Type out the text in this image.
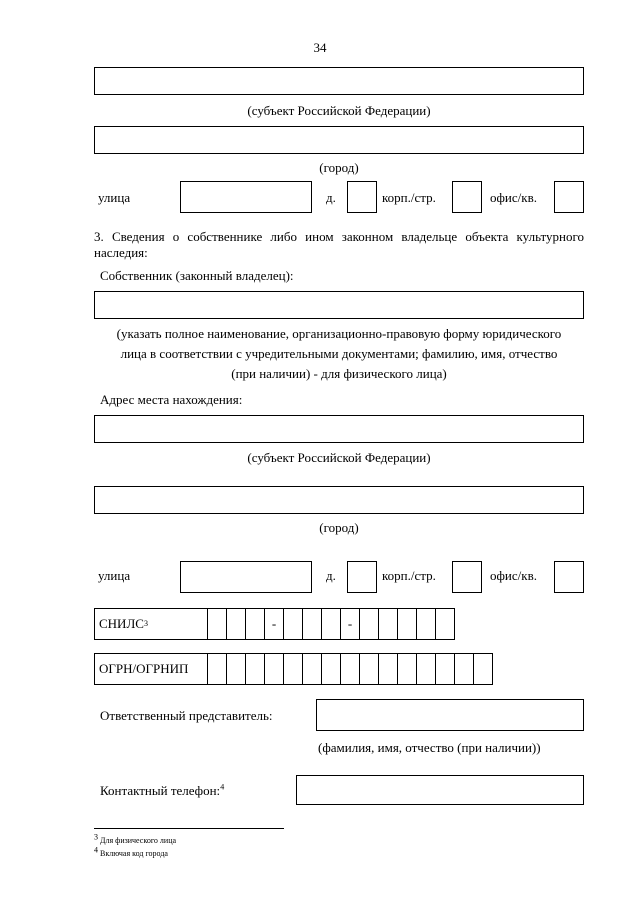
34
(субъект Российской Федерации)
(город)
улица	д.	корп./стр.	офис/кв.
3. Сведения о собственнике либо ином законном владельце объекта культурного наследия:
Собственник (законный владелец):
(указать полное наименование, организационно-правовую форму юридического лица в соответствии с учредительными документами; фамилию, имя, отчество (при наличии) - для физического лица)
Адрес места нахождения:
(субъект Российской Федерации)
(город)
улица	д.	корп./стр.	офис/кв.
СНИЛС 3	-	-
ОГРН/ОГРНИП
Ответственный представитель:
(фамилия, имя, отчество (при наличии))
Контактный телефон:$^4$
$^3$ Для физического лица
$^4$ Включая код города
